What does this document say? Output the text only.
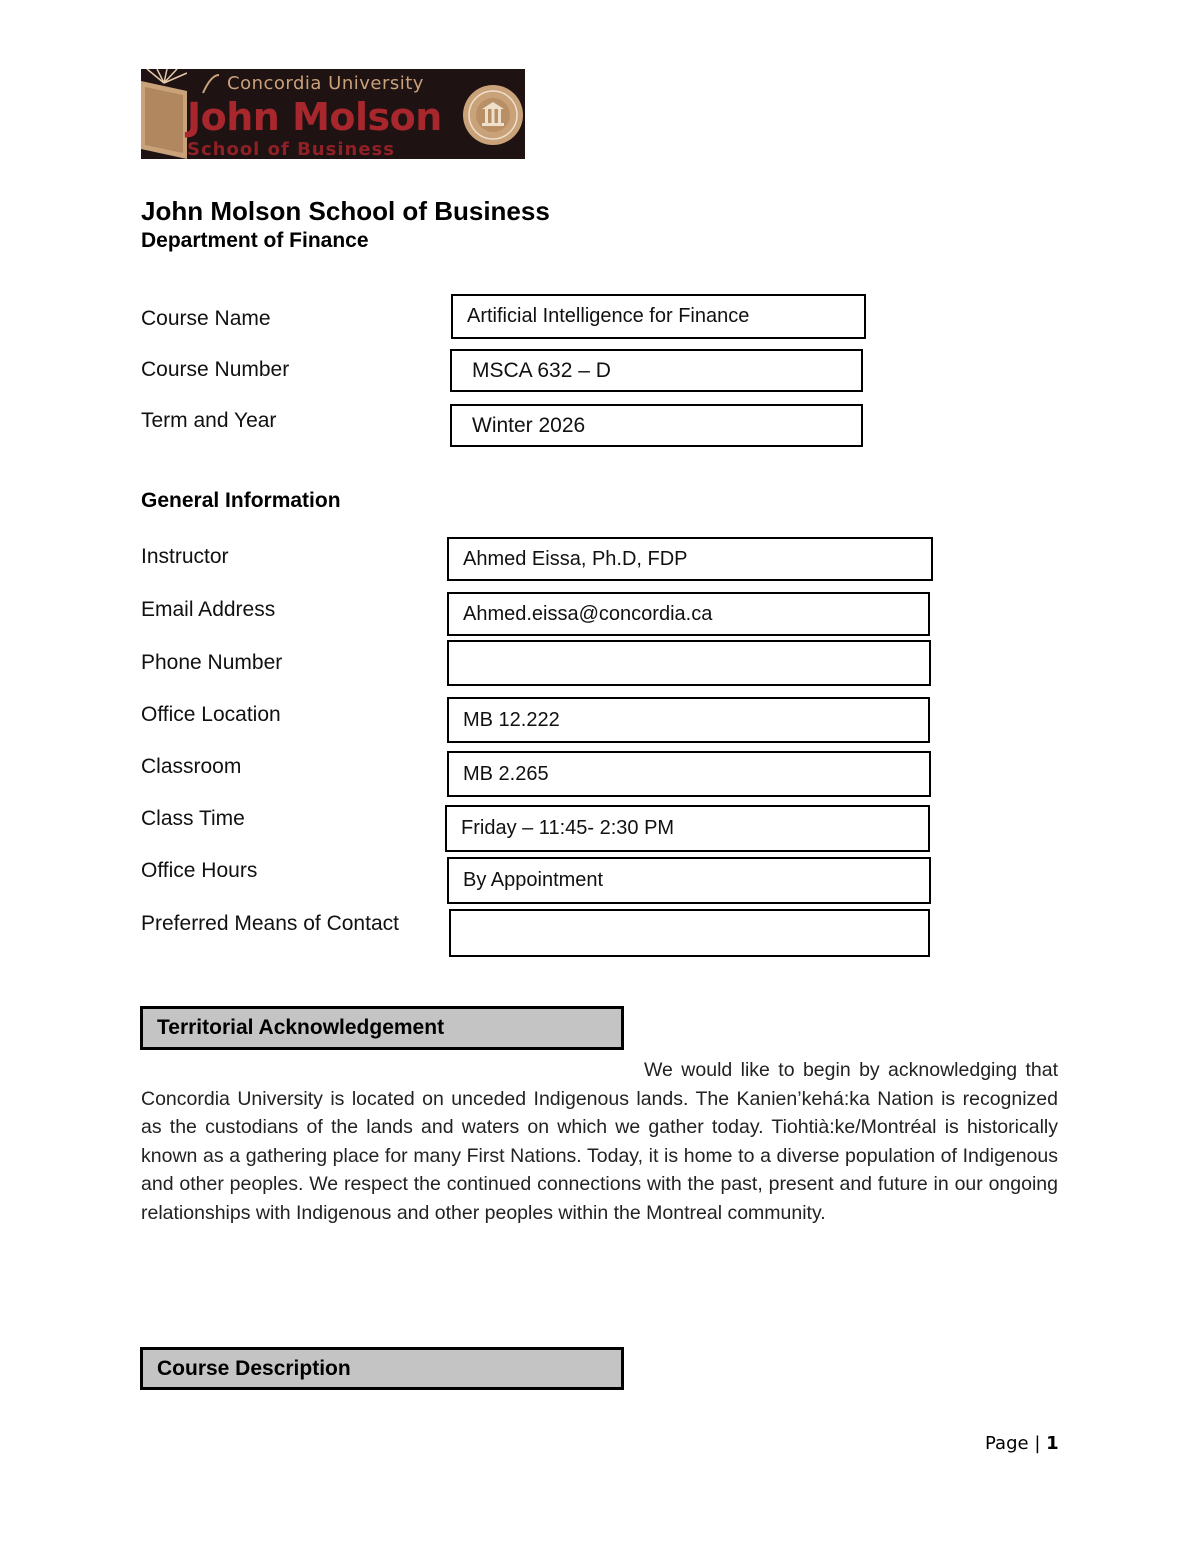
Concordia University
John Molson
School of Business
John Molson School of Business
Department of Finance
Course Name	Artificial Intelligence for Finance
Course Number	MSCA 632 – D
Term and Year	Winter 2026
General Information
Instructor	Ahmed Eissa, Ph.D, FDP
Email Address	Ahmed.eissa@concordia.ca
Phone Number
Office Location	MB 12.222
Classroom	MB 2.265
Class Time	Friday – 11:45- 2:30 PM
Office Hours	By Appointment
Preferred Means of Contact
Territorial Acknowledgement
We would like to begin by acknowledging that Concordia University is located on unceded Indigenous lands. The Kanien’kehá:ka Nation is recognized as the custodians of the lands and waters on which we gather today. Tiohtià:ke/Montréal is historically known as a gathering place for many First Nations. Today, it is home to a diverse population of Indigenous and other peoples. We respect the continued connections with the past, present and future in our ongoing relationships with Indigenous and other peoples within the Montreal community.
Course Description
Page | 1
